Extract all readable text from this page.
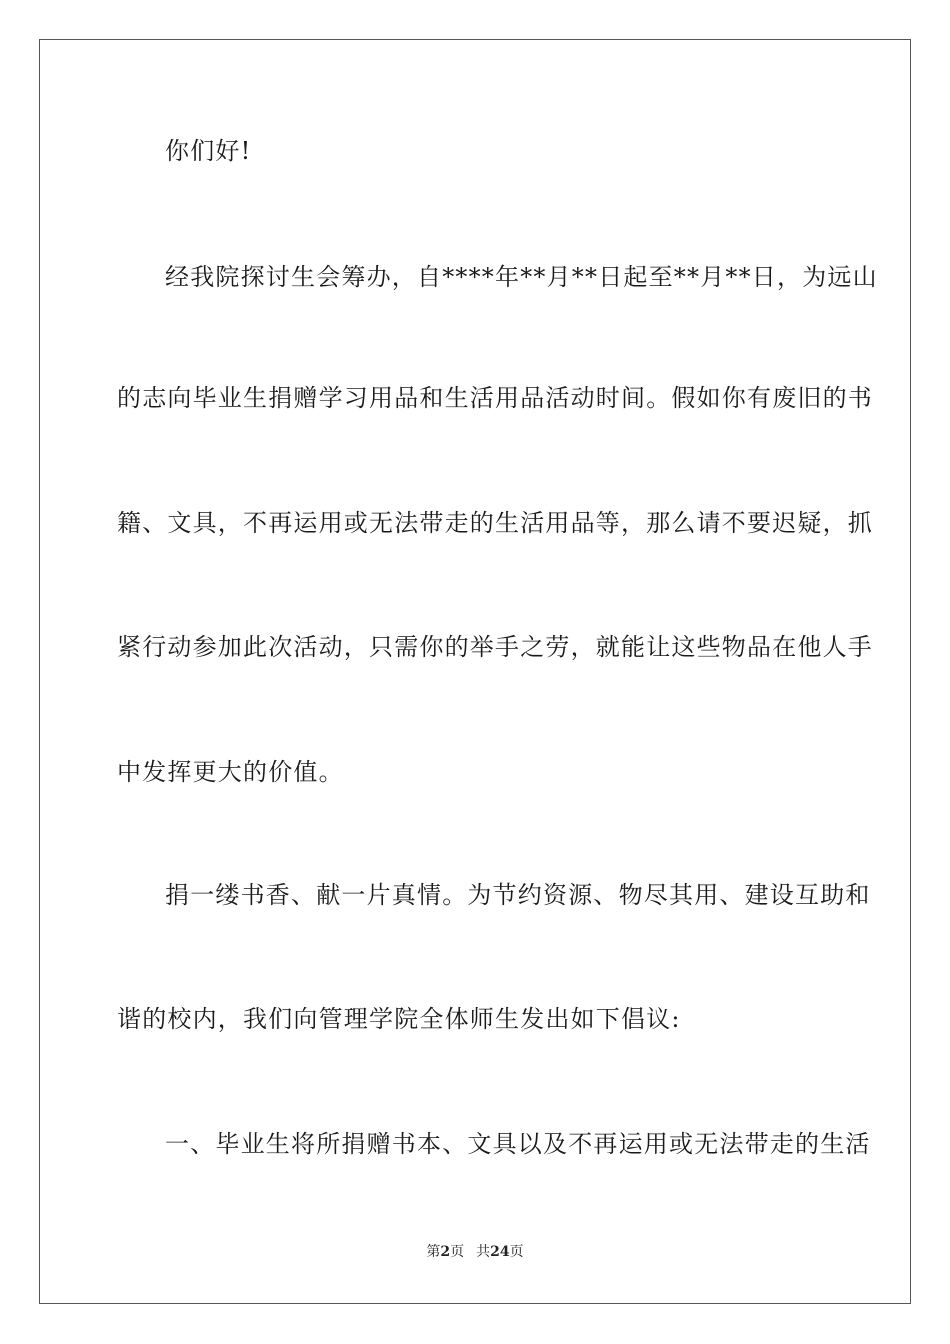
你们好!
经我院探讨生会筹办，自****年**月**日起至**月**日，为远山
的志向毕业生捐赠学习用品和生活用品活动时间。假如你有废旧的书
籍、文具，不再运用或无法带走的生活用品等，那么请不要迟疑，抓
紧行动参加此次活动，只需你的举手之劳，就能让这些物品在他人手
中发挥更大的价值。
捐一缕书香、献一片真情。为节约资源、物尽其用、建设互助和
谐的校内，我们向管理学院全体师生发出如下倡议:
一、毕业生将所捐赠书本、文具以及不再运用或无法带走的生活
第2页 共24页
